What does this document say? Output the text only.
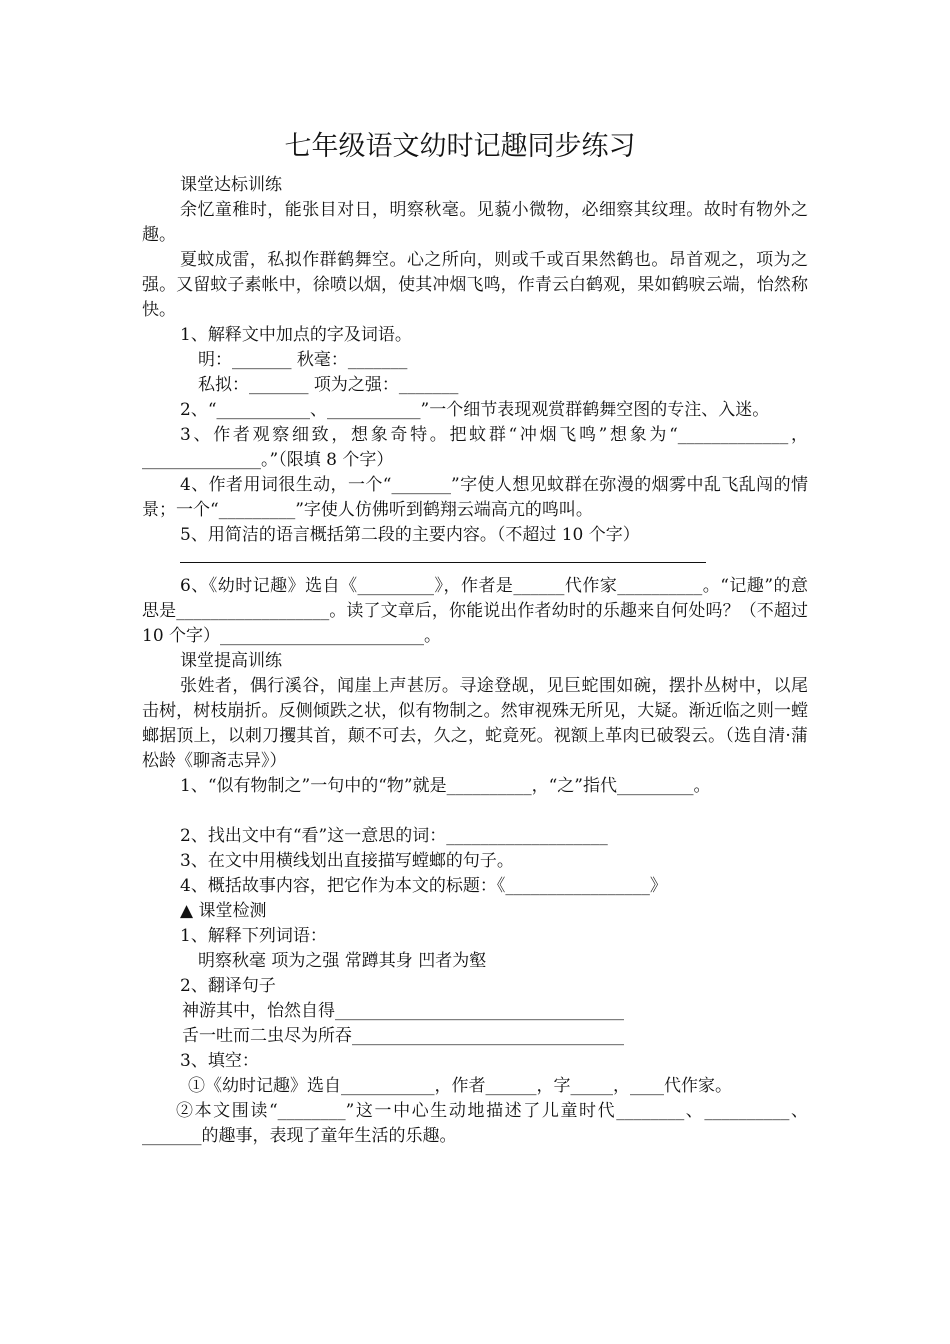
七年级语文幼时记趣同步练习

课堂达标训练

余忆童稚时，能张目对日，明察秋毫。见藐小微物，必细察其纹理。故时有物外之趣。

夏蚊成雷，私拟作群鹤舞空。心之所向，则或千或百果然鹤也。昂首观之，项为之强。又留蚊子素帐中，徐喷以烟，使其冲烟飞鸣，作青云白鹤观，果如鹤唳云端，怡然称快。

1、解释文中加点的字及词语。

明：_______ 秋毫：_______

私拟：_______ 项为之强：_______

2、“___________、___________”一个细节表现观赏群鹤舞空图的专注、入迷。

3、作者观察细致，想象奇特。把蚊群“冲烟飞鸣”想象为“_____________，______________。”（限填 8 个字）

4、作者用词很生动，一个“_______”字使人想见蚊群在弥漫的烟雾中乱飞乱闯的情景；一个“_________”字使人仿佛听到鹤翔云端高亢的鸣叫。

5、用简洁的语言概括第二段的主要内容。（不超过 10 个字）

6、《幼时记趣》选自《_________》，作者是______代作家__________。“记趣”的意思是__________________。读了文章后，你能说出作者幼时的乐趣来自何处吗？（不超过 10 个字）________________________。

课堂提高训练

张姓者，偶行溪谷，闻崖上声甚厉。寻途登觇，见巨蛇围如碗，摆扑丛树中，以尾击树，树枝崩折。反侧倾跌之状，似有物制之。然审视殊无所见，大疑。渐近临之则一螳螂据顶上，以刺刀攫其首，颠不可去，久之，蛇竟死。视额上革肉已破裂云。（选自清·蒲松龄《聊斋志异》）

1、“似有物制之”一句中的“物”就是__________，“之”指代_________。

2、找出文中有“看”这一意思的词：___________________

3、在文中用横线划出直接描写螳螂的句子。

4、概括故事内容，把它作为本文的标题：《_________________》

▲ 课堂检测

1、解释下列词语：

明察秋毫 项为之强 常蹲其身 凹者为壑

2、翻译句子

神游其中，怡然自得__________________________________

舌一吐而二虫尽为所吞________________________________

3、填空：

①《幼时记趣》选自___________，作者______，字_____，____代作家。

②本文围读“________”这一中心生动地描述了儿童时代________、__________、_______的趣事，表现了童年生活的乐趣。
